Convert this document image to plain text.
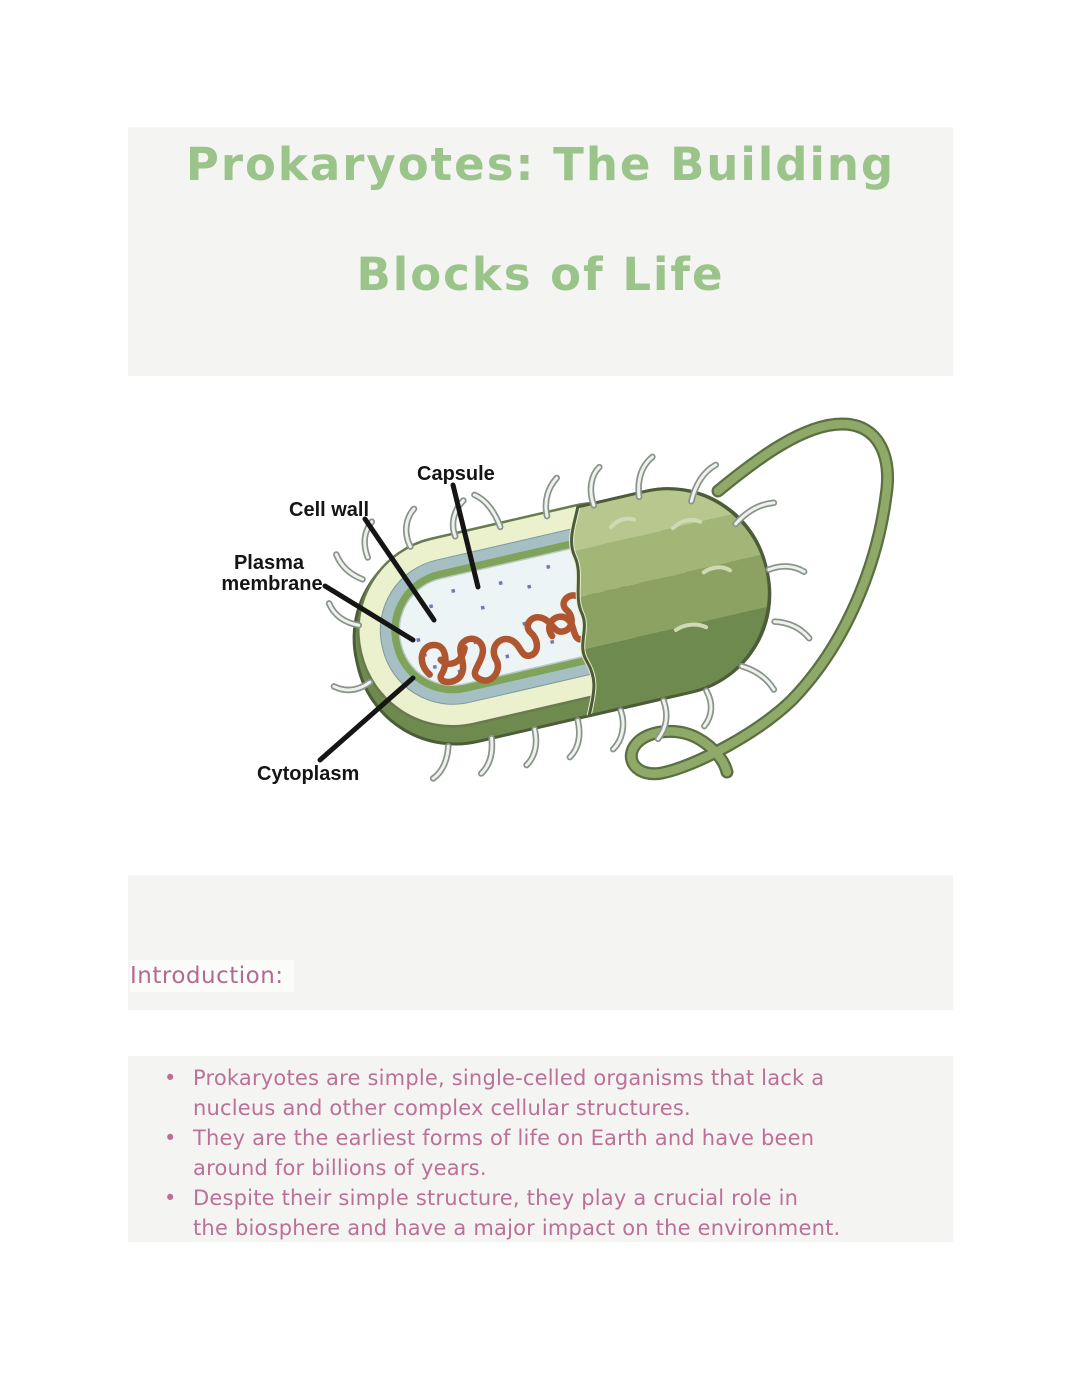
Prokaryotes: The Building
Blocks of Life
Capsule
Cell wall
Plasma
membrane
Cytoplasm
Introduction:
• Prokaryotes are simple, single-celled organisms that lack a
nucleus and other complex cellular structures.
• They are the earliest forms of life on Earth and have been
around for billions of years.
• Despite their simple structure, they play a crucial role in
the biosphere and have a major impact on the environment.
